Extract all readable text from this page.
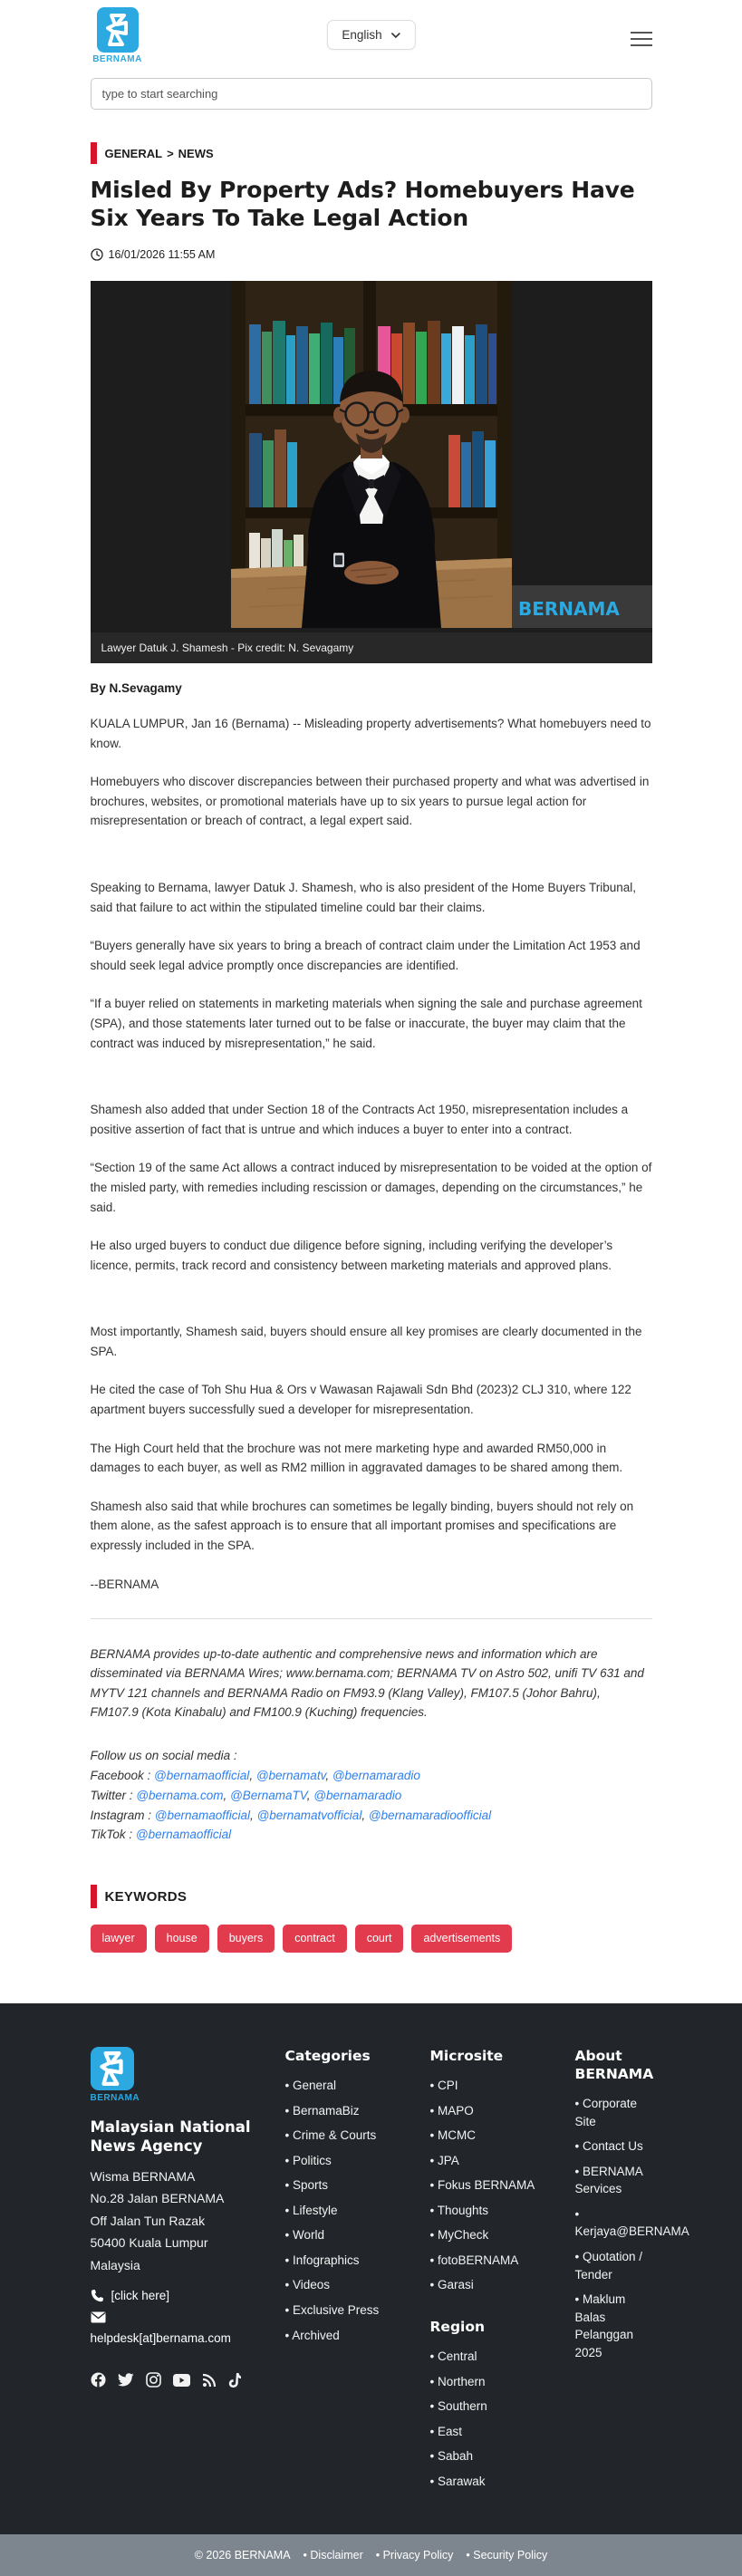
BERNAMA
English
type to start searching
GENERAL > NEWS
Misled By Property Ads? Homebuyers Have Six Years To Take Legal Action
16/01/2026 11:55 AM
BERNAMA
Lawyer Datuk J. Shamesh - Pix credit: N. Sevagamy

By N.Sevagamy

KUALA LUMPUR, Jan 16 (Bernama) -- Misleading property advertisements? What homebuyers need to know.

Homebuyers who discover discrepancies between their purchased property and what was advertised in brochures, websites, or promotional materials have up to six years to pursue legal action for misrepresentation or breach of contract, a legal expert said.

Speaking to Bernama, lawyer Datuk J. Shamesh, who is also president of the Home Buyers Tribunal, said that failure to act within the stipulated timeline could bar their claims.

“Buyers generally have six years to bring a breach of contract claim under the Limitation Act 1953 and should seek legal advice promptly once discrepancies are identified.

“If a buyer relied on statements in marketing materials when signing the sale and purchase agreement (SPA), and those statements later turned out to be false or inaccurate, the buyer may claim that the contract was induced by misrepresentation,” he said.

Shamesh also added that under Section 18 of the Contracts Act 1950, misrepresentation includes a positive assertion of fact that is untrue and which induces a buyer to enter into a contract.

“Section 19 of the same Act allows a contract induced by misrepresentation to be voided at the option of the misled party, with remedies including rescission or damages, depending on the circumstances,” he said.

He also urged buyers to conduct due diligence before signing, including verifying the developer’s licence, permits, track record and consistency between marketing materials and approved plans.

Most importantly, Shamesh said, buyers should ensure all key promises are clearly documented in the SPA.

He cited the case of Toh Shu Hua & Ors v Wawasan Rajawali Sdn Bhd (2023)2 CLJ 310, where 122 apartment buyers successfully sued a developer for misrepresentation.

The High Court held that the brochure was not mere marketing hype and awarded RM50,000 in damages to each buyer, as well as RM2 million in aggravated damages to be shared among them.

Shamesh also said that while brochures can sometimes be legally binding, buyers should not rely on them alone, as the safest approach is to ensure that all important promises and specifications are expressly included in the SPA.

--BERNAMA

BERNAMA provides up-to-date authentic and comprehensive news and information which are disseminated via BERNAMA Wires; www.bernama.com; BERNAMA TV on Astro 502, unifi TV 631 and MYTV 121 channels and BERNAMA Radio on FM93.9 (Klang Valley), FM107.5 (Johor Bahru), FM107.9 (Kota Kinabalu) and FM100.9 (Kuching) frequencies.

Follow us on social media :
Facebook : @bernamaofficial, @bernamatv, @bernamaradio
Twitter : @bernama.com, @BernamaTV, @bernamaradio
Instagram : @bernamaofficial, @bernamatvofficial, @bernamaradioofficial
TikTok : @bernamaofficial
KEYWORDS
lawyer	house	buyers	contract	court	advertisements
BERNAMA
Malaysian National News Agency
Wisma BERNAMA
No.28 Jalan BERNAMA
Off Jalan Tun Razak
50400 Kuala Lumpur
Malaysia
[click here]
helpdesk[at]bernama.com
Categories
• General
• BernamaBiz
• Crime & Courts
• Politics
• Sports
• Lifestyle
• World
• Infographics
• Videos
• Exclusive Press
• Archived
Microsite
• CPI
• MAPO
• MCMC
• JPA
• Fokus BERNAMA
• Thoughts
• MyCheck
• fotoBERNAMA
• Garasi
Region
• Central
• Northern
• Southern
• East
• Sabah
• Sarawak
About BERNAMA
• Corporate Site
• Contact Us
• BERNAMA Services
• Kerjaya@BERNAMA
• Quotation / Tender
• Maklum Balas Pelanggan 2025
© 2026 BERNAMA	• Disclaimer	• Privacy Policy	• Security Policy
